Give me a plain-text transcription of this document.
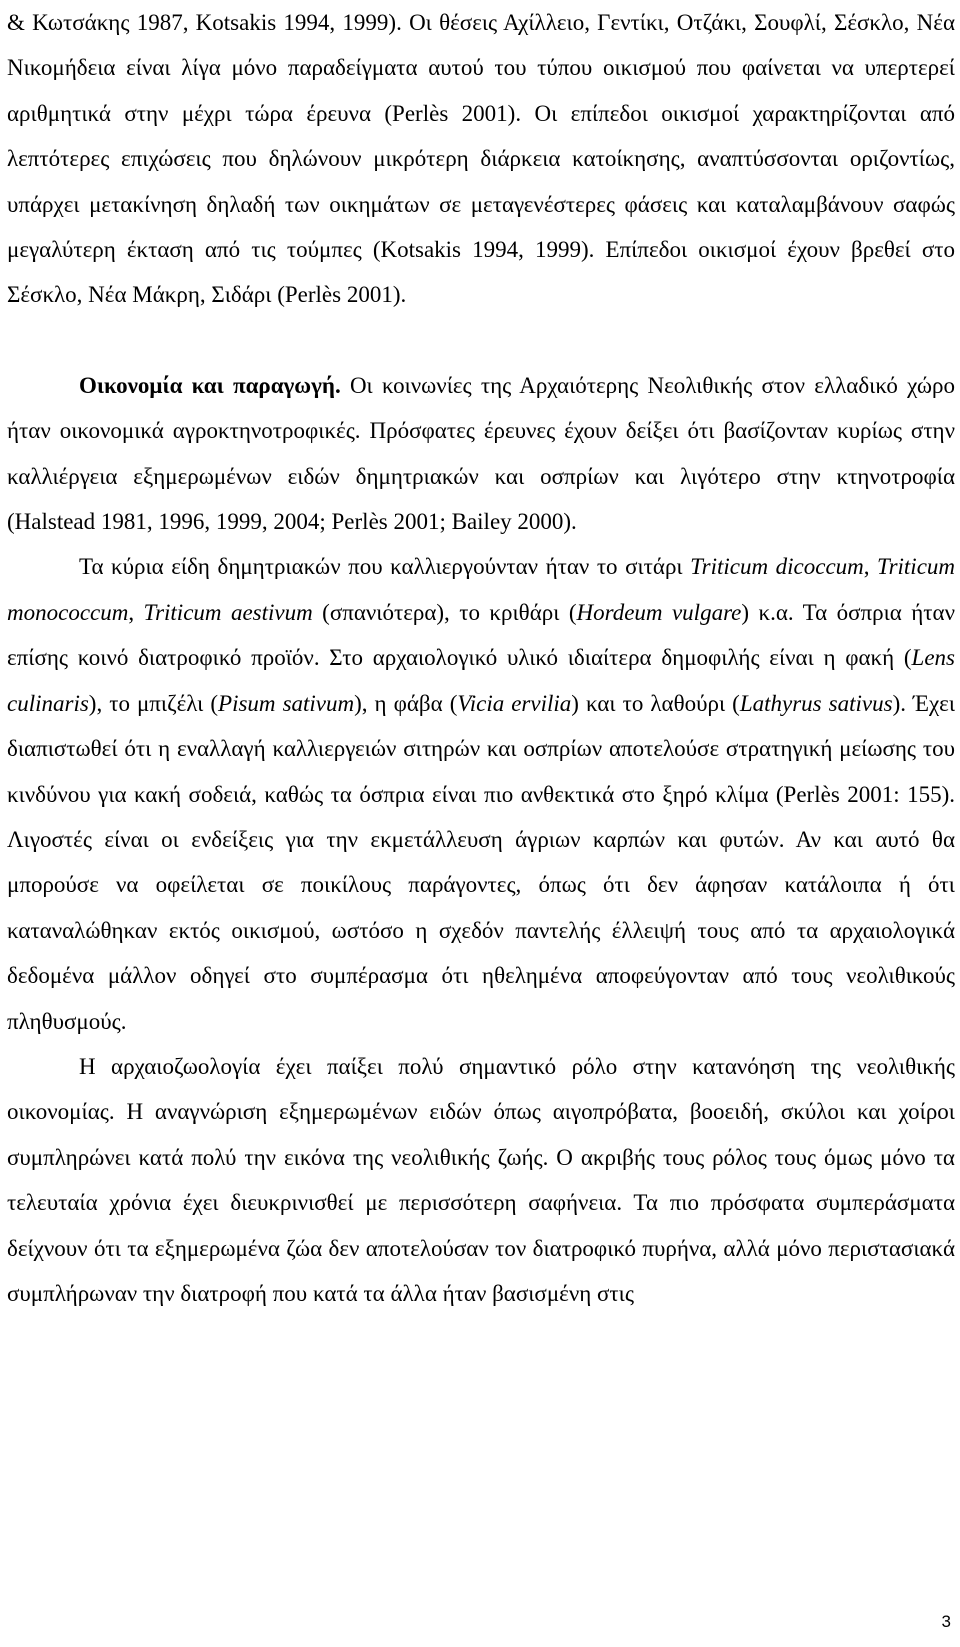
& Κωτσάκης 1987, Kotsakis 1994, 1999). Οι θέσεις Αχίλλειο, Γεντίκι, Οτζάκι, Σουφλί, Σέσκλο, Νέα Νικομήδεια είναι λίγα μόνο παραδείγματα αυτού του τύπου οικισμού που φαίνεται να υπερτερεί αριθμητικά στην μέχρι τώρα έρευνα (Perlès 2001). Οι επίπεδοι οικισμοί χαρακτηρίζονται από λεπτότερες επιχώσεις που δηλώνουν μικρότερη διάρκεια κατοίκησης, αναπτύσσονται οριζοντίως, υπάρχει μετακίνηση δηλαδή των οικημάτων σε μεταγενέστερες φάσεις και καταλαμβάνουν σαφώς μεγαλύτερη έκταση από τις τούμπες (Kotsakis 1994, 1999). Επίπεδοι οικισμοί έχουν βρεθεί στο Σέσκλο, Νέα Μάκρη, Σιδάρι (Perlès 2001).

Οικονομία και παραγωγή. Οι κοινωνίες της Αρχαιότερης Νεολιθικής στον ελλαδικό χώρο ήταν οικονομικά αγροκτηνοτροφικές. Πρόσφατες έρευνες έχουν δείξει ότι βασίζονταν κυρίως στην καλλιέργεια εξημερωμένων ειδών δημητριακών και οσπρίων και λιγότερο στην κτηνοτροφία (Halstead 1981, 1996, 1999, 2004; Perlès 2001; Bailey 2000).

Τα κύρια είδη δημητριακών που καλλιεργούνταν ήταν το σιτάρι Triticum dicoccum, Triticum monococcum, Triticum aestivum (σπανιότερα), το κριθάρι (Hordeum vulgare) κ.α. Τα όσπρια ήταν επίσης κοινό διατροφικό προϊόν. Στο αρχαιολογικό υλικό ιδιαίτερα δημοφιλής είναι η φακή (Lens culinaris), το μπιζέλι (Pisum sativum), η φάβα (Vicia ervilia) και το λαθούρι (Lathyrus sativus). Έχει διαπιστωθεί ότι η εναλλαγή καλλιεργειών σιτηρών και οσπρίων αποτελούσε στρατηγική μείωσης του κινδύνου για κακή σοδειά, καθώς τα όσπρια είναι πιο ανθεκτικά στο ξηρό κλίμα (Perlès 2001: 155). Λιγοστές είναι οι ενδείξεις για την εκμετάλλευση άγριων καρπών και φυτών. Αν και αυτό θα μπορούσε να οφείλεται σε ποικίλους παράγοντες, όπως ότι δεν άφησαν κατάλοιπα ή ότι καταναλώθηκαν εκτός οικισμού, ωστόσο η σχεδόν παντελής έλλειψή τους από τα αρχαιολογικά δεδομένα μάλλον οδηγεί στο συμπέρασμα ότι ηθελημένα αποφεύγονταν από τους νεολιθικούς πληθυσμούς.

Η αρχαιοζωολογία έχει παίξει πολύ σημαντικό ρόλο στην κατανόηση της νεολιθικής οικονομίας. Η αναγνώριση εξημερωμένων ειδών όπως αιγοπρόβατα, βοοειδή, σκύλοι και χοίροι συμπληρώνει κατά πολύ την εικόνα της νεολιθικής ζωής. Ο ακριβής τους ρόλος τους όμως μόνο τα τελευταία χρόνια έχει διευκρινισθεί με περισσότερη σαφήνεια. Τα πιο πρόσφατα συμπεράσματα δείχνουν ότι τα εξημερωμένα ζώα δεν αποτελούσαν τον διατροφικό πυρήνα, αλλά μόνο περιστασιακά συμπλήρωναν την διατροφή που κατά τα άλλα ήταν βασισμένη στις

3
